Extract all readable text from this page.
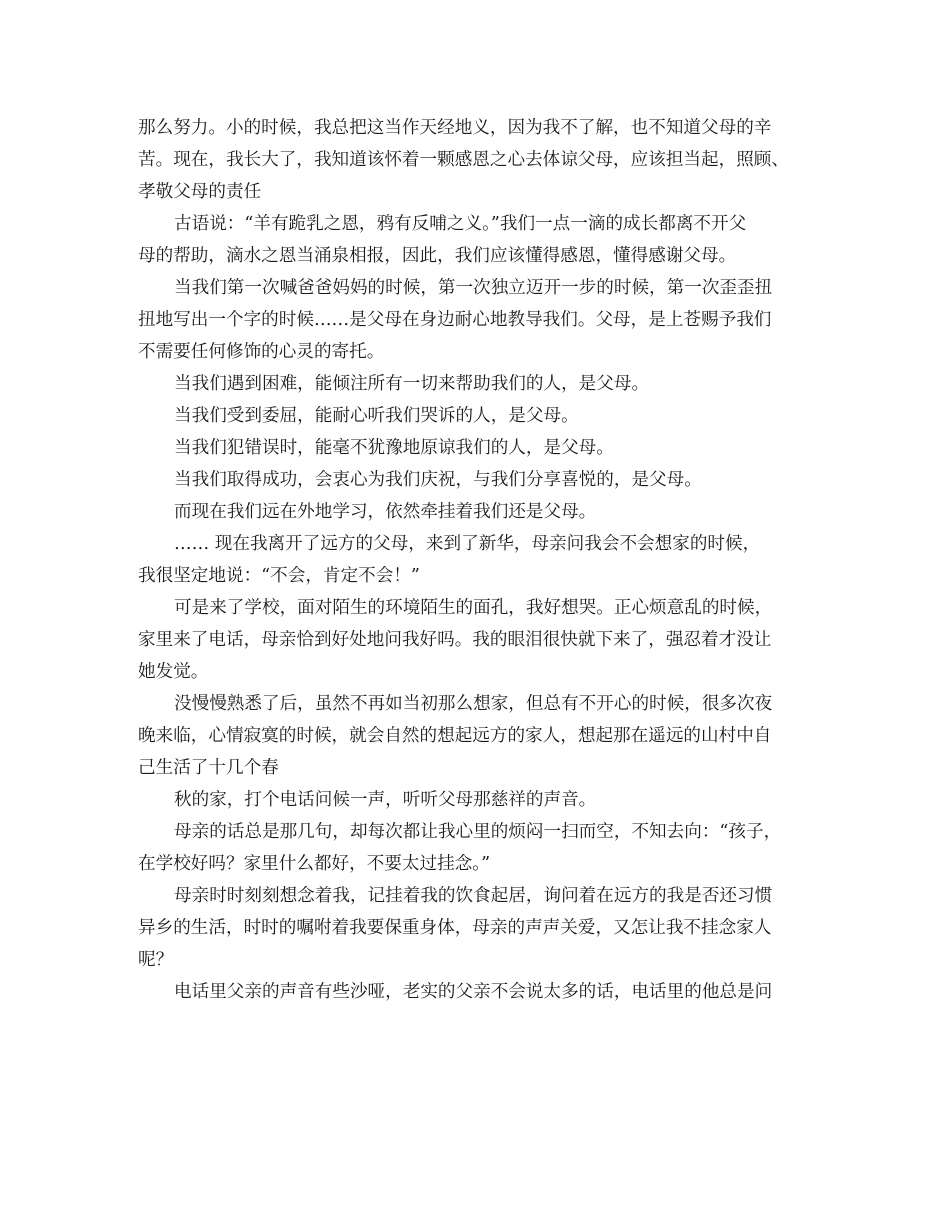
那么努力。小的时候，我总把这当作天经地义，因为我不了解，也不知道父母的辛
苦。现在，我长大了，我知道该怀着一颗感恩之心去体谅父母，应该担当起，照顾、
孝敬父母的责任
古语说：“羊有跪乳之恩，鸦有反哺之义。”我们一点一滴的成长都离不开父
母的帮助，滴水之恩当涌泉相报，因此，我们应该懂得感恩，懂得感谢父母。
当我们第一次喊爸爸妈妈的时候，第一次独立迈开一步的时候，第一次歪歪扭
扭地写出一个字的时候……是父母在身边耐心地教导我们。父母，是上苍赐予我们
不需要任何修饰的心灵的寄托。
当我们遇到困难，能倾注所有一切来帮助我们的人，是父母。
当我们受到委屈，能耐心听我们哭诉的人，是父母。
当我们犯错误时，能毫不犹豫地原谅我们的人，是父母。
当我们取得成功，会衷心为我们庆祝，与我们分享喜悦的，是父母。
而现在我们远在外地学习，依然牵挂着我们还是父母。
…… 现在我离开了远方的父母，来到了新华，母亲问我会不会想家的时候，
我很坚定地说：“不会，肯定不会！”
可是来了学校，面对陌生的环境陌生的面孔，我好想哭。正心烦意乱的时候，
家里来了电话，母亲恰到好处地问我好吗。我的眼泪很快就下来了，强忍着才没让
她发觉。
没慢慢熟悉了后，虽然不再如当初那么想家，但总有不开心的时候，很多次夜
晚来临，心情寂寞的时候，就会自然的想起远方的家人，想起那在遥远的山村中自
己生活了十几个春
秋的家，打个电话问候一声，听听父母那慈祥的声音。
母亲的话总是那几句，却每次都让我心里的烦闷一扫而空，不知去向：“孩子，
在学校好吗？家里什么都好，不要太过挂念。”
母亲时时刻刻想念着我，记挂着我的饮食起居，询问着在远方的我是否还习惯
异乡的生活，时时的嘱咐着我要保重身体，母亲的声声关爱，又怎让我不挂念家人
呢？
电话里父亲的声音有些沙哑，老实的父亲不会说太多的话，电话里的他总是问
